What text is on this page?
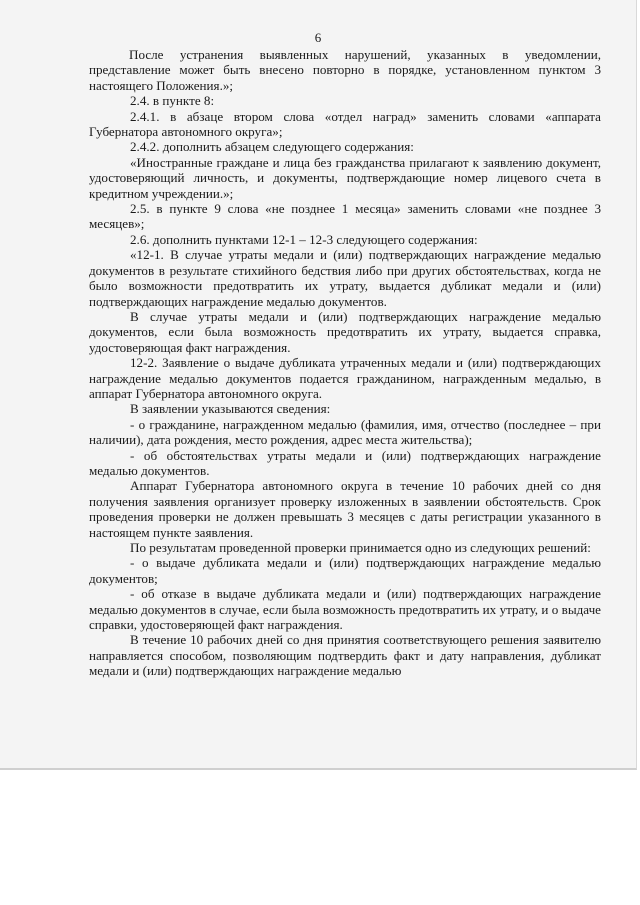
6

После устранения выявленных нарушений, указанных в уведомлении, представление может быть внесено повторно в порядке, установленном пунктом 3 настоящего Положения.»;

2.4. в пункте 8:

2.4.1. в абзаце втором слова «отдел наград» заменить словами «аппарата Губернатора автономного округа»;

2.4.2. дополнить абзацем следующего содержания:

«Иностранные граждане и лица без гражданства прилагают к заявлению документ, удостоверяющий личность, и документы, подтверждающие номер лицевого счета в кредитном учреждении.»;

2.5. в пункте 9 слова «не позднее 1 месяца» заменить словами «не позднее 3 месяцев»;

2.6. дополнить пунктами 12-1 – 12-3 следующего содержания:

«12-1. В случае утраты медали и (или) подтверждающих награждение медалью документов в результате стихийного бедствия либо при других обстоятельствах, когда не было возможности предотвратить их утрату, выдается дубликат медали и (или) подтверждающих награждение медалью документов.

В случае утраты медали и (или) подтверждающих награждение медалью документов, если была возможность предотвратить их утрату, выдается справка, удостоверяющая факт награждения.

12-2. Заявление о выдаче дубликата утраченных медали и (или) подтверждающих награждение медалью документов подается гражданином, награжденным медалью, в аппарат Губернатора автономного округа.

В заявлении указываются сведения:

- о гражданине, награжденном медалью (фамилия, имя, отчество (последнее – при наличии), дата рождения, место рождения, адрес места жительства);

- об обстоятельствах утраты медали и (или) подтверждающих награждение медалью документов.

Аппарат Губернатора автономного округа в течение 10 рабочих дней со дня получения заявления организует проверку изложенных в заявлении обстоятельств. Срок проведения проверки не должен превышать 3 месяцев с даты регистрации указанного в настоящем пункте заявления.

По результатам проведенной проверки принимается одно из следующих решений:

- о выдаче дубликата медали и (или) подтверждающих награждение медалью документов;

- об отказе в выдаче дубликата медали и (или) подтверждающих награждение медалью документов в случае, если была возможность предотвратить их утрату, и о выдаче справки, удостоверяющей факт награждения.

В течение 10 рабочих дней со дня принятия соответствующего решения заявителю направляется способом, позволяющим подтвердить факт и дату направления, дубликат медали и (или) подтверждающих награждение медалью
